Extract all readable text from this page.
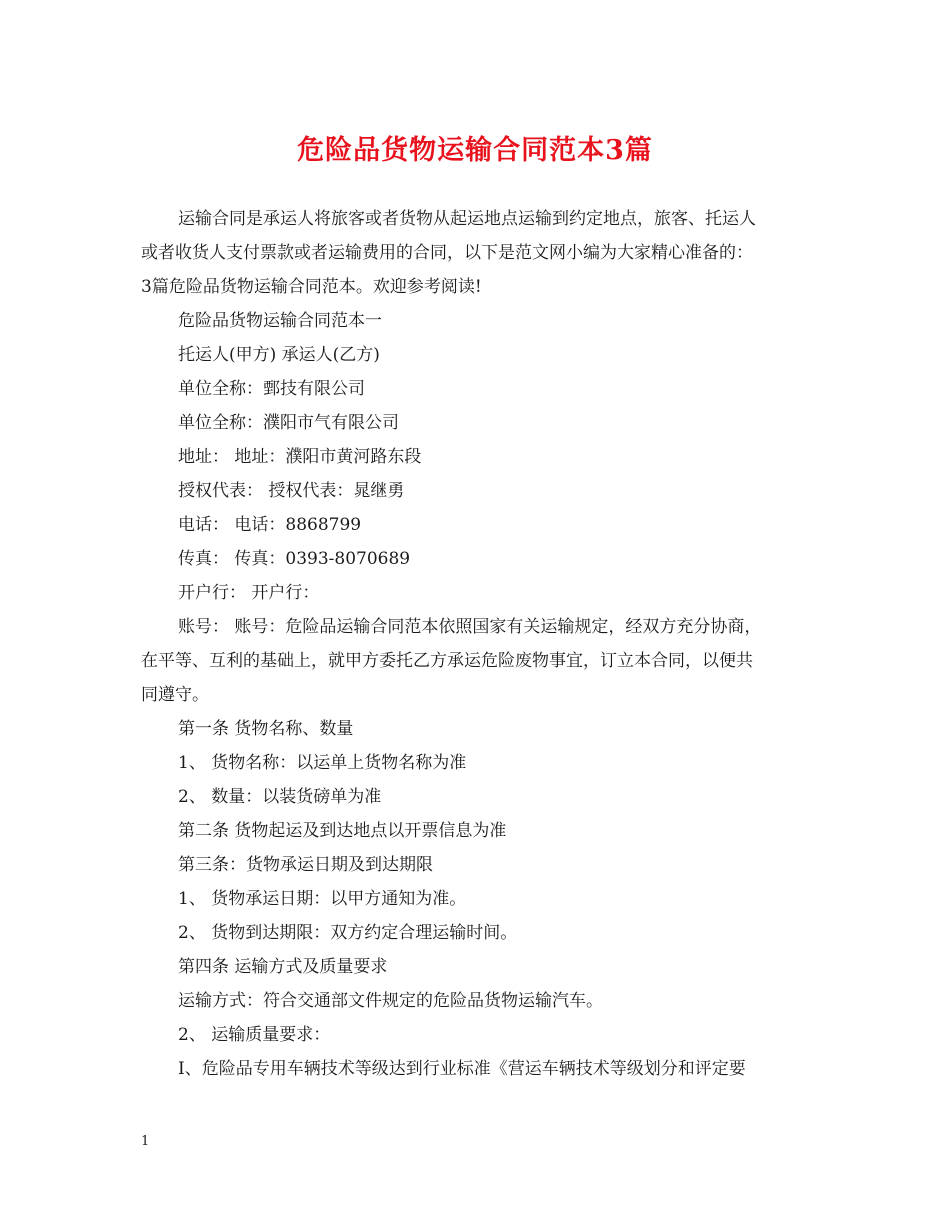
危险品货物运输合同范本3篇
运输合同是承运人将旅客或者货物从起运地点运输到约定地点，旅客、托运人
或者收货人支付票款或者运输费用的合同，以下是范文网小编为大家精心准备的：
3篇危险品货物运输合同范本。欢迎参考阅读!
危险品货物运输合同范本一
托运人(甲方) 承运人(乙方)
单位全称：鄄技有限公司
单位全称：濮阳市气有限公司
地址： 地址：濮阳市黄河路东段
授权代表： 授权代表：晁继勇
电话： 电话：8868799
传真： 传真：0393-8070689
开户行： 开户行：
账号： 账号：危险品运输合同范本依照国家有关运输规定，经双方充分协商，
在平等、互利的基础上，就甲方委托乙方承运危险废物事宜，订立本合同，以便共
同遵守。
第一条 货物名称、数量
1、 货物名称：以运单上货物名称为准
2、 数量：以装货磅单为准
第二条 货物起运及到达地点以开票信息为准
第三条：货物承运日期及到达期限
1、 货物承运日期：以甲方通知为准。
2、 货物到达期限：双方约定合理运输时间。
第四条 运输方式及质量要求
运输方式：符合交通部文件规定的危险品货物运输汽车。
2、 运输质量要求：
Ⅰ、危险品专用车辆技术等级达到行业标准《营运车辆技术等级划分和评定要
1
